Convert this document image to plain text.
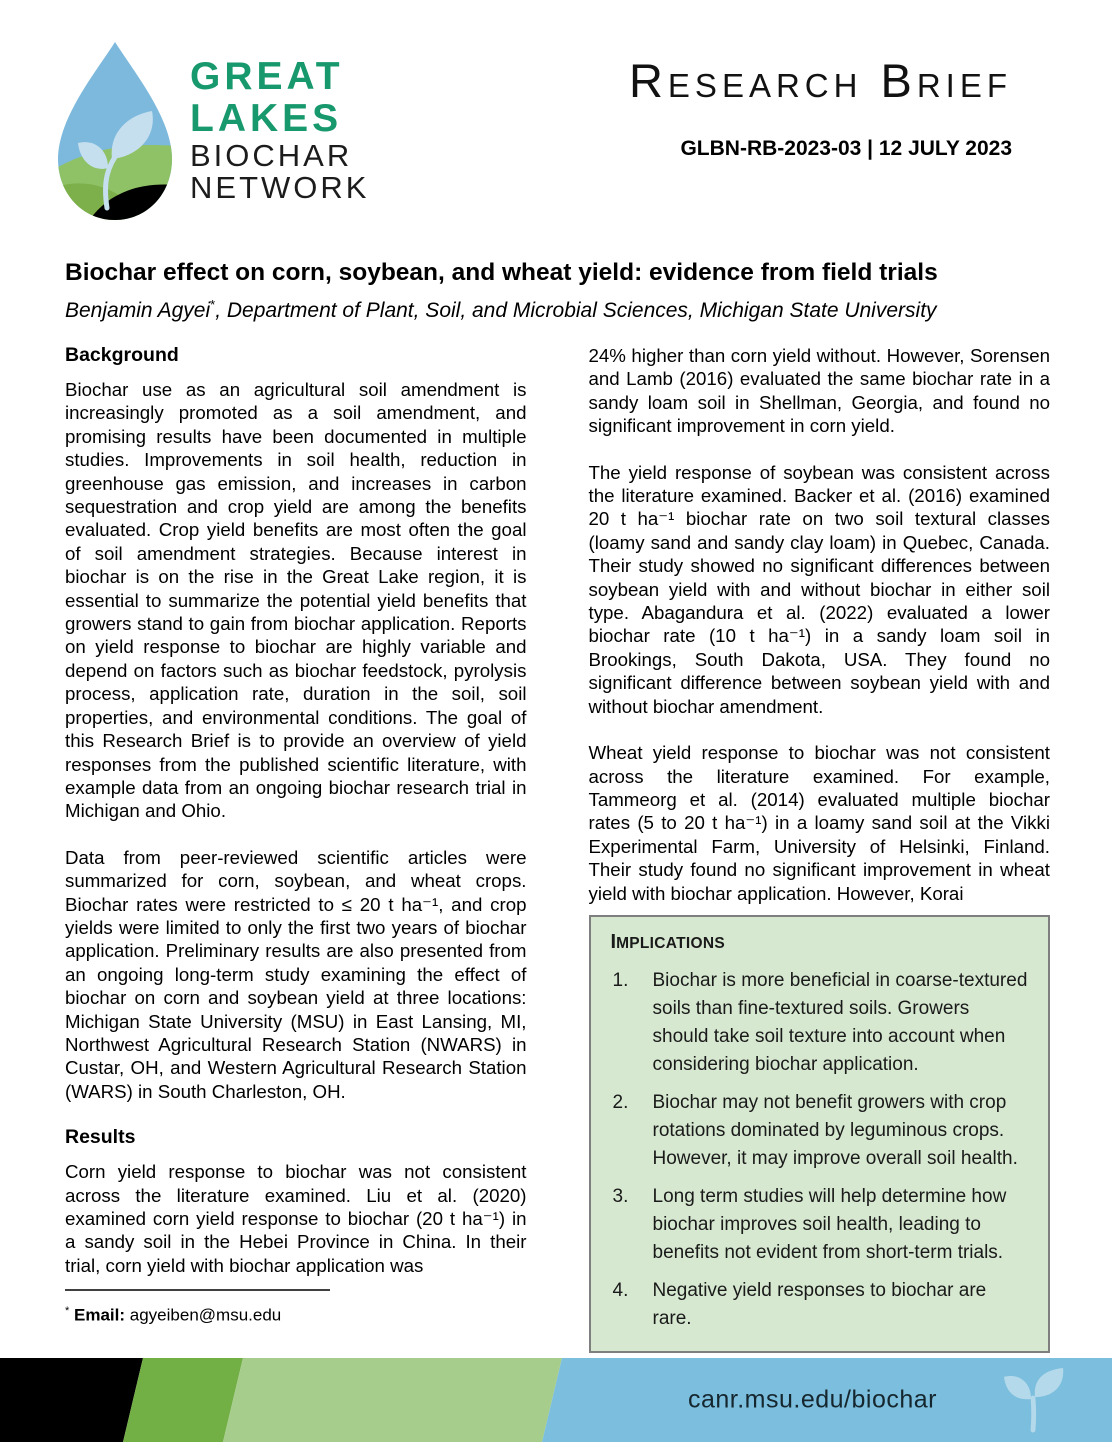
GREAT
LAKES
BIOCHAR
NETWORK
RESEARCH BRIEF
GLBN-RB-2023-03 | 12 JULY 2023
Biochar effect on corn, soybean, and wheat yield: evidence from field trials
Benjamin Agyei*, Department of Plant, Soil, and Microbial Sciences, Michigan State University
Background

Biochar use as an agricultural soil amendment is increasingly promoted as a soil amendment, and promising results have been documented in multiple studies. Improvements in soil health, reduction in greenhouse gas emission, and increases in carbon sequestration and crop yield are among the benefits evaluated. Crop yield benefits are most often the goal of soil amendment strategies. Because interest in biochar is on the rise in the Great Lake region, it is essential to summarize the potential yield benefits that growers stand to gain from biochar application. Reports on yield response to biochar are highly variable and depend on factors such as biochar feedstock, pyrolysis process, application rate, duration in the soil, soil properties, and environmental conditions. The goal of this Research Brief is to provide an overview of yield responses from the published scientific literature, with example data from an ongoing biochar research trial in Michigan and Ohio.

Data from peer-reviewed scientific articles were summarized for corn, soybean, and wheat crops. Biochar rates were restricted to ≤ 20 t ha⁻¹, and crop yields were limited to only the first two years of biochar application. Preliminary results are also presented from an ongoing long-term study examining the effect of biochar on corn and soybean yield at three locations: Michigan State University (MSU) in East Lansing, MI, Northwest Agricultural Research Station (NWARS) in Custar, OH, and Western Agricultural Research Station (WARS) in South Charleston, OH.

Results

Corn yield response to biochar was not consistent across the literature examined. Liu et al. (2020) examined corn yield response to biochar (20 t ha⁻¹) in a sandy soil in the Hebei Province in China. In their trial, corn yield with biochar application was

* Email: agyeiben@msu.edu

24% higher than corn yield without. However, Sorensen and Lamb (2016) evaluated the same biochar rate in a sandy loam soil in Shellman, Georgia, and found no significant improvement in corn yield.

The yield response of soybean was consistent across the literature examined. Backer et al. (2016) examined 20 t ha⁻¹ biochar rate on two soil textural classes (loamy sand and sandy clay loam) in Quebec, Canada. Their study showed no significant differences between soybean yield with and without biochar in either soil type. Abagandura et al. (2022) evaluated a lower biochar rate (10 t ha⁻¹) in a sandy loam soil in Brookings, South Dakota, USA. They found no significant difference between soybean yield with and without biochar amendment.

Wheat yield response to biochar was not consistent across the literature examined. For example, Tammeorg et al. (2014) evaluated multiple biochar rates (5 to 20 t ha⁻¹) in a loamy sand soil at the Vikki Experimental Farm, University of Helsinki, Finland. Their study found no significant improvement in wheat yield with biochar application. However, Korai

IMPLICATIONS
1.	Biochar is more beneficial in coarse-textured soils than fine-textured soils. Growers should take soil texture into account when considering biochar application.
2.	Biochar may not benefit growers with crop rotations dominated by leguminous crops. However, it may improve overall soil health.
3.	Long term studies will help determine how biochar improves soil health, leading to benefits not evident from short-term trials.
4.	Negative yield responses to biochar are rare.
canr.msu.edu/biochar
